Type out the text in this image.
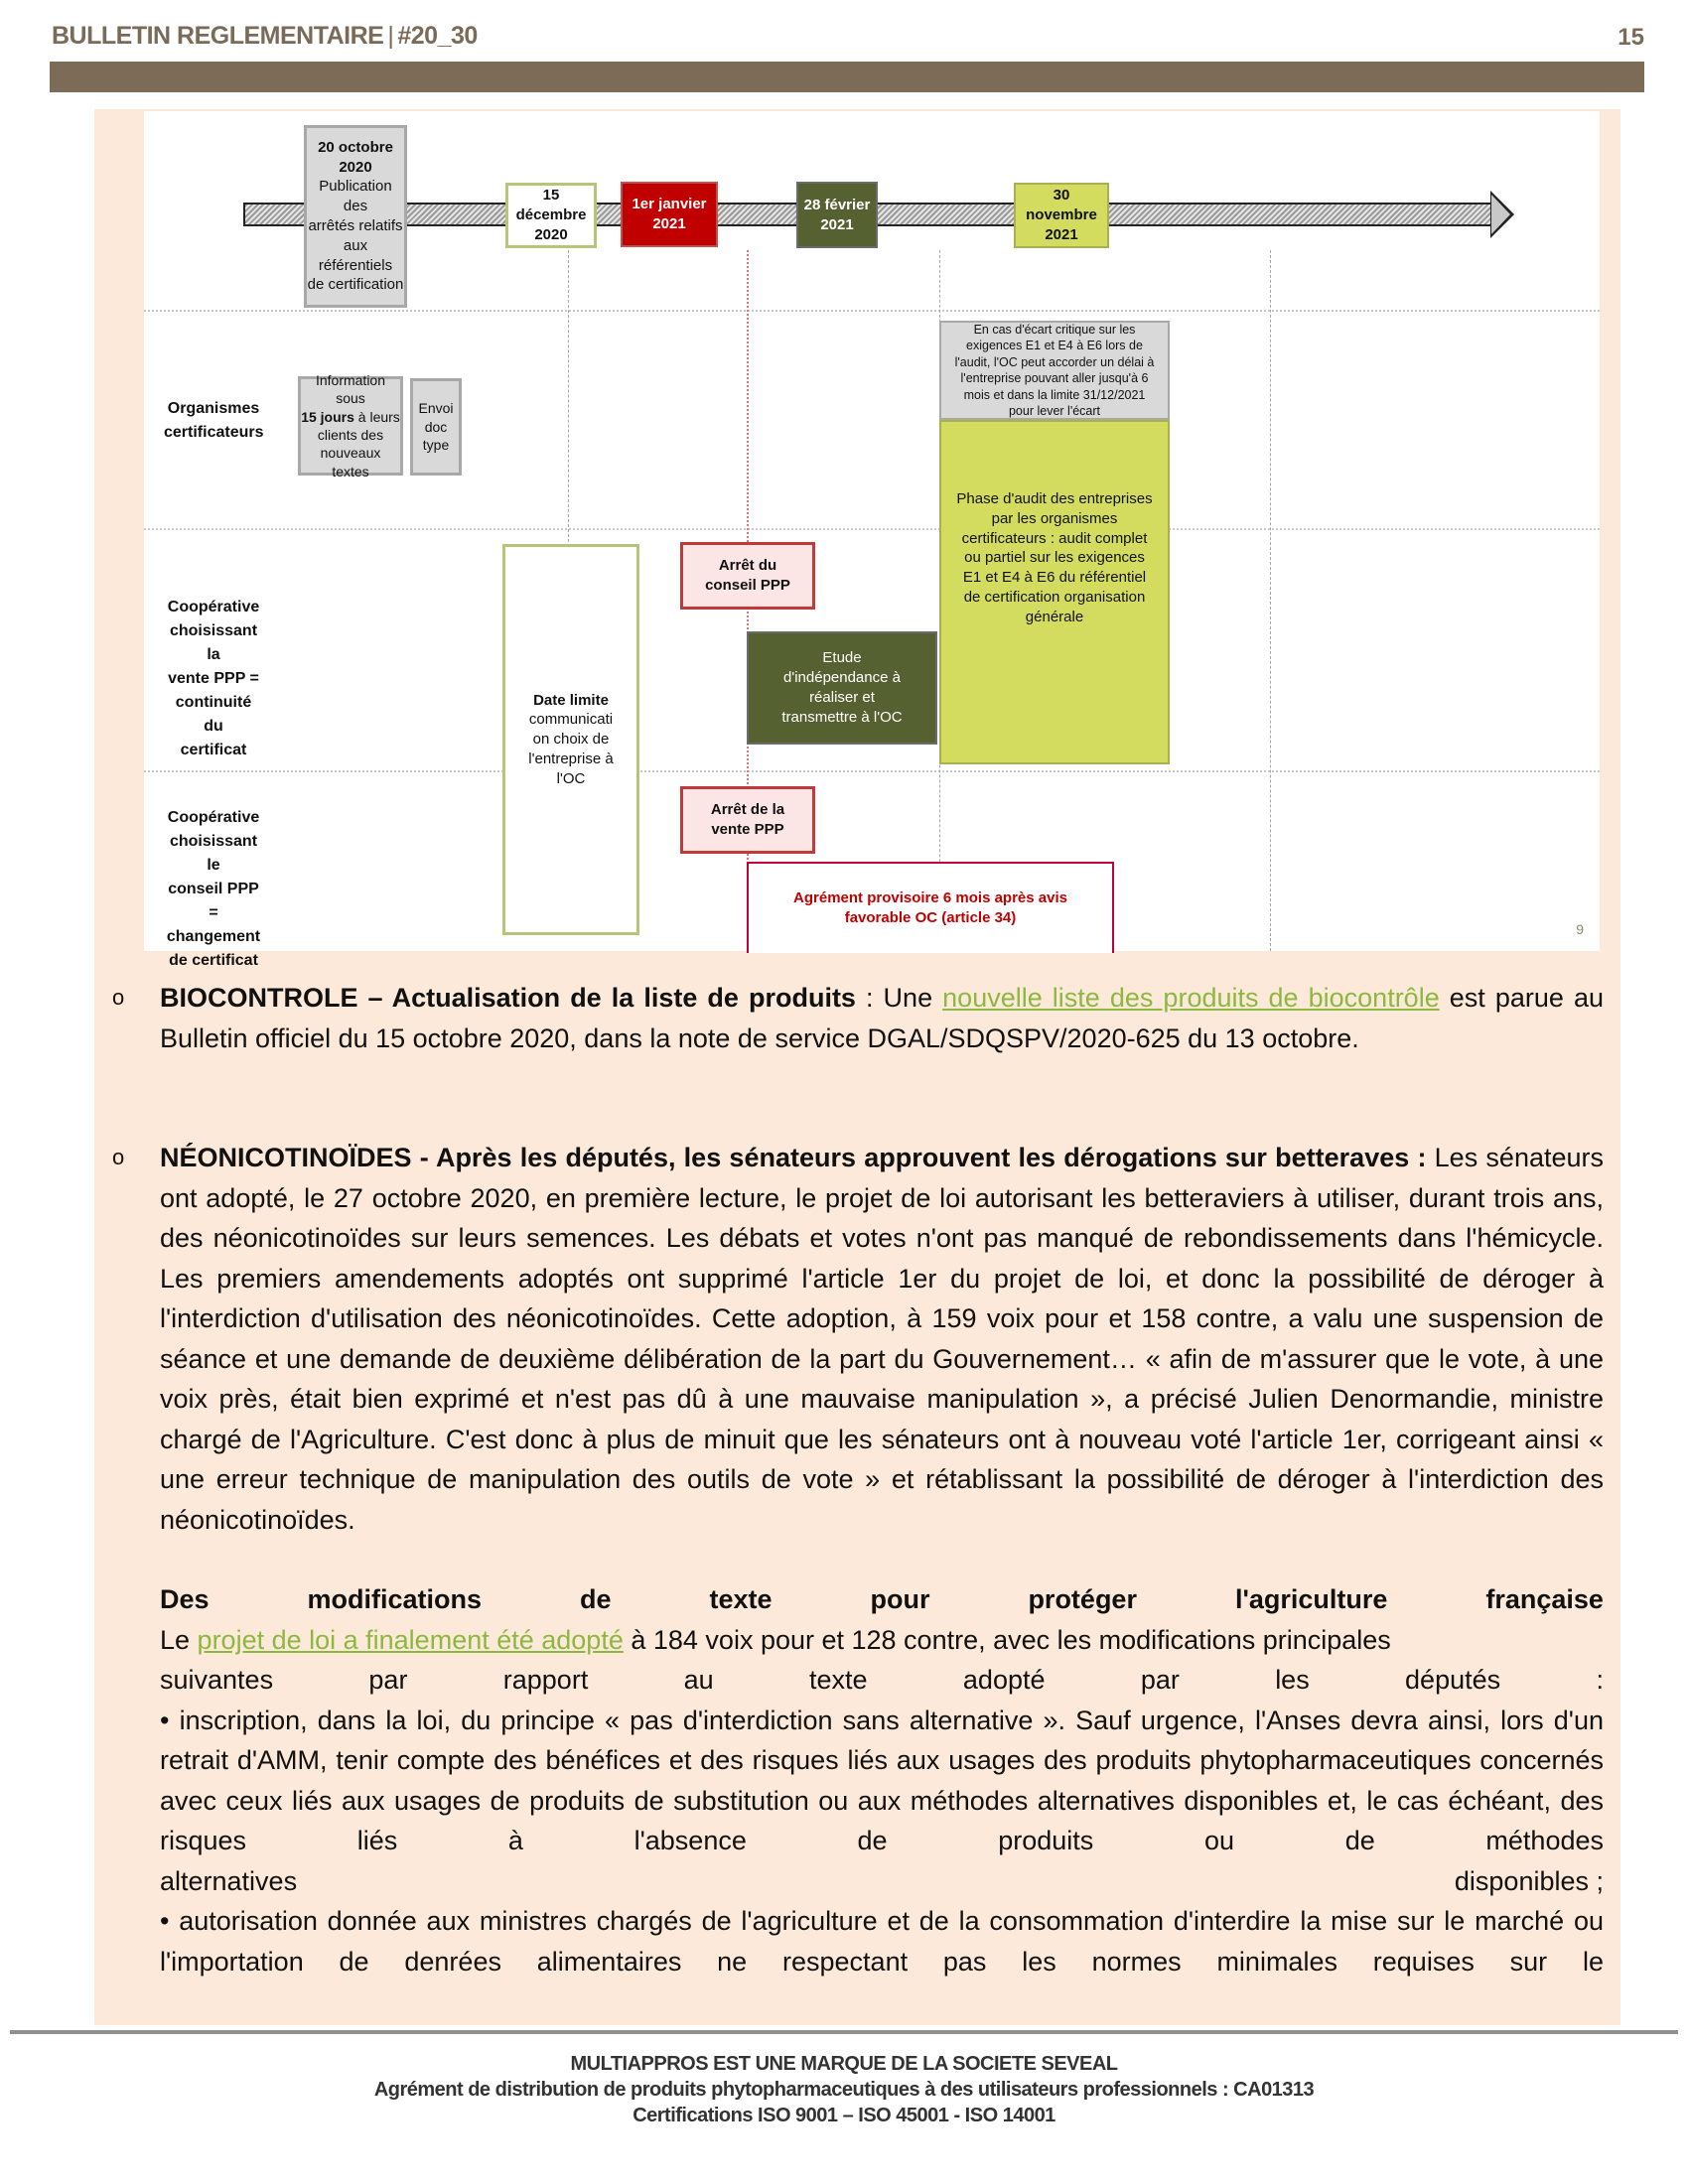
BULLETIN REGLEMENTAIRE | #20_30	15
20 octobre
2020
Publication des
arrêtés relatifs
aux référentiels
de certification
15 décembre
2020
1er janvier
2021
28 février
2021
30 novembre
2021
Organismes
certificateurs
Coopérative
choisissant la
vente PPP =
continuité du
certificat
Coopérative
choisissant le
conseil PPP =
changement
de certificat
Information sous
15 jours à leurs
clients des
nouveaux textes
Envoi
doc
type
En cas d'écart critique sur les exigences E1 et E4 à E6 lors de l'audit, l'OC peut accorder un délai à l'entreprise pouvant aller jusqu'à 6 mois et dans la limite 31/12/2021 pour lever l'écart
Phase d'audit des entreprises par les organismes certificateurs : audit complet ou partiel sur les exigences E1 et E4 à E6 du référentiel de certification organisation générale
Date limite
communicati
on choix de
l'entreprise à
l'OC
Arrêt du
conseil PPP
Etude
d'indépendance à
réaliser et
transmettre à l'OC
Arrêt de la
vente PPP
Agrément provisoire 6 mois après avis
favorable OC (article 34)
9
o BIOCONTROLE – Actualisation de la liste de produits : Une nouvelle liste des produits de biocontrôle est parue au Bulletin officiel du 15 octobre 2020, dans la note de service DGAL/SDQSPV/2020-625 du 13 octobre.
o NÉONICOTINOÏDES - Après les députés, les sénateurs approuvent les dérogations sur betteraves : Les sénateurs ont adopté, le 27 octobre 2020, en première lecture, le projet de loi autorisant les betteraviers à utiliser, durant trois ans, des néonicotinoïdes sur leurs semences. Les débats et votes n'ont pas manqué de rebondissements dans l'hémicycle. Les premiers amendements adoptés ont supprimé l'article 1er du projet de loi, et donc la possibilité de déroger à l'interdiction d'utilisation des néonicotinoïdes. Cette adoption, à 159 voix pour et 158 contre, a valu une suspension de séance et une demande de deuxième délibération de la part du Gouvernement… « afin de m'assurer que le vote, à une voix près, était bien exprimé et n'est pas dû à une mauvaise manipulation », a précisé Julien Denormandie, ministre chargé de l'Agriculture. C'est donc à plus de minuit que les sénateurs ont à nouveau voté l'article 1er, corrigeant ainsi « une erreur technique de manipulation des outils de vote » et rétablissant la possibilité de déroger à l'interdiction des néonicotinoïdes.
Des	modifications	de	texte	pour	protéger	l'agriculture	française
Le projet de loi a finalement été adopté à 184 voix pour et 128 contre, avec les modifications principales
suivantes	par	rapport	au	texte	adopté	par	les	députés	:
• inscription, dans la loi, du principe « pas d'interdiction sans alternative ». Sauf urgence, l'Anses devra ainsi, lors d'un retrait d'AMM, tenir compte des bénéfices et des risques liés aux usages des produits phytopharmaceutiques concernés avec ceux liés aux usages de produits de substitution ou aux méthodes alternatives disponibles et, le cas échéant, des risques liés à l'absence de produits ou de méthodes
alternatives	disponibles ;
• autorisation donnée aux ministres chargés de l'agriculture et de la consommation d'interdire la mise sur le marché ou l'importation de denrées alimentaires ne respectant pas les normes minimales requises sur le
MULTIAPPROS EST UNE MARQUE DE LA SOCIETE SEVEAL
Agrément de distribution de produits phytopharmaceutiques à des utilisateurs professionnels : CA01313
Certifications ISO 9001 – ISO 45001 - ISO 14001
